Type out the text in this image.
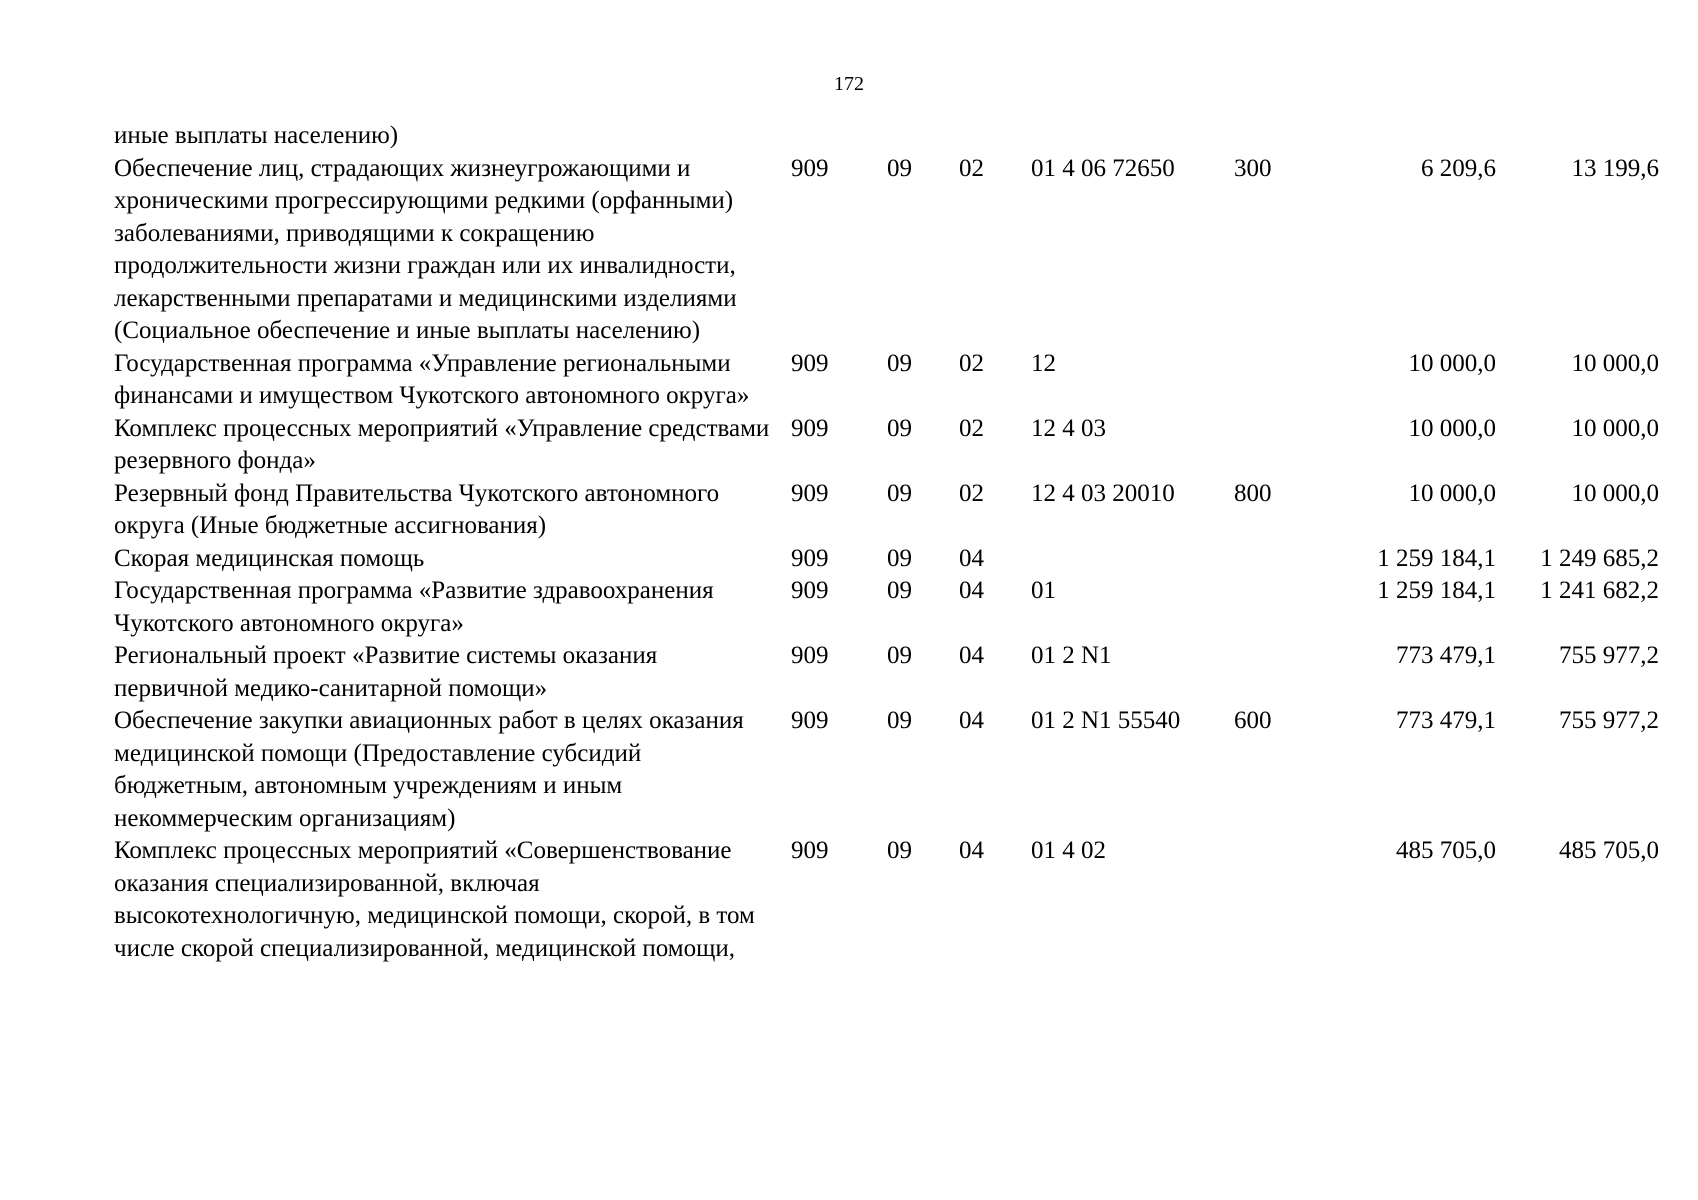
172
иные выплаты населению)							
Обеспечение лиц, страдающих жизнеугрожающими и хроническими прогрессирующими редкими (орфанными) заболеваниями, приводящими к сокращению продолжительности жизни граждан или их инвалидности, лекарственными препаратами и медицинскими изделиями (Социальное обеспечение и иные выплаты населению)	909	09	02	01 4 06 72650	300	6 209,6	13 199,6
Государственная программа «Управление региональными финансами и имуществом Чукотского автономного округа»	909	09	02	12		10 000,0	10 000,0
Комплекс процессных мероприятий «Управление средствами резервного фонда»	909	09	02	12 4 03		10 000,0	10 000,0
Резервный фонд Правительства Чукотского автономного округа (Иные бюджетные ассигнования)	909	09	02	12 4 03 20010	800	10 000,0	10 000,0
Скорая медицинская помощь	909	09	04			1 259 184,1	1 249 685,2
Государственная программа «Развитие здравоохранения Чукотского автономного округа»	909	09	04	01		1 259 184,1	1 241 682,2
Региональный проект «Развитие системы оказания первичной медико-санитарной помощи»	909	09	04	01 2 N1		773 479,1	755 977,2
Обеспечение закупки авиационных работ в целях оказания медицинской помощи (Предоставление субсидий бюджетным, автономным учреждениям и иным некоммерческим организациям)	909	09	04	01 2 N1 55540	600	773 479,1	755 977,2
Комплекс процессных мероприятий «Совершенствование оказания специализированной, включая высокотехнологичную, медицинской помощи, скорой, в том числе скорой специализированной, медицинской помощи,	909	09	04	01 4 02		485 705,0	485 705,0
